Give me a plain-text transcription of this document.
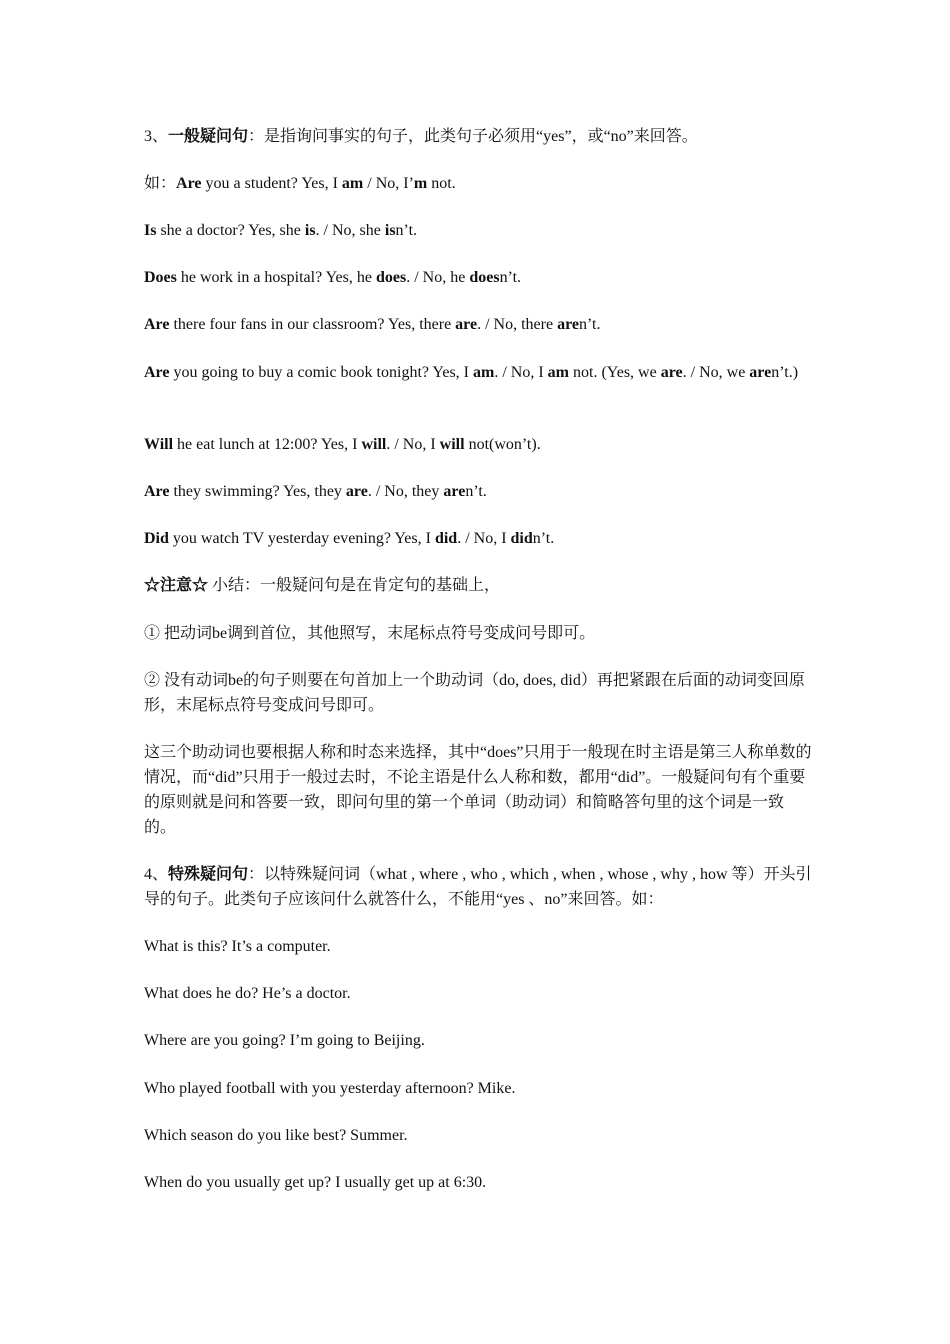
3、一般疑问句：是指询问事实的句子，此类句子必须用“yes”，或“no”来回答。

如：Are you a student? Yes, I am / No, I’m not.

Is she a doctor? Yes, she is. / No, she isn’t.

Does he work in a hospital? Yes, he does. / No, he doesn’t.

Are there four fans in our classroom? Yes, there are. / No, there aren’t.

Are you going to buy a comic book tonight? Yes, I am. / No, I am not. (Yes, we are. / No, we aren’t.)

Will he eat lunch at 12:00? Yes, I will. / No, I will not(won’t).

Are they swimming? Yes, they are. / No, they aren’t.

Did you watch TV yesterday evening? Yes, I did. / No, I didn’t.

☆注意☆ 小结：一般疑问句是在肯定句的基础上，

① 把动词be调到首位，其他照写，末尾标点符号变成问号即可。

② 没有动词be的句子则要在句首加上一个助动词（do, does, did）再把紧跟在后面的动词变回原形，末尾标点符号变成问号即可。

这三个助动词也要根据人称和时态来选择，其中“does”只用于一般现在时主语是第三人称单数的情况，而“did”只用于一般过去时，不论主语是什么人称和数，都用“did”。一般疑问句有个重要的原则就是问和答要一致，即问句里的第一个单词（助动词）和简略答句里的这个词是一致的。

4、特殊疑问句：以特殊疑问词（what , where , who , which , when , whose , why , how 等）开头引导的句子。此类句子应该问什么就答什么，不能用“yes 、no”来回答。如：

What is this? It’s a computer.

What does he do? He’s a doctor.

Where are you going? I’m going to Beijing.

Who played football with you yesterday afternoon? Mike.

Which season do you like best? Summer.

When do you usually get up? I usually get up at 6:30.
